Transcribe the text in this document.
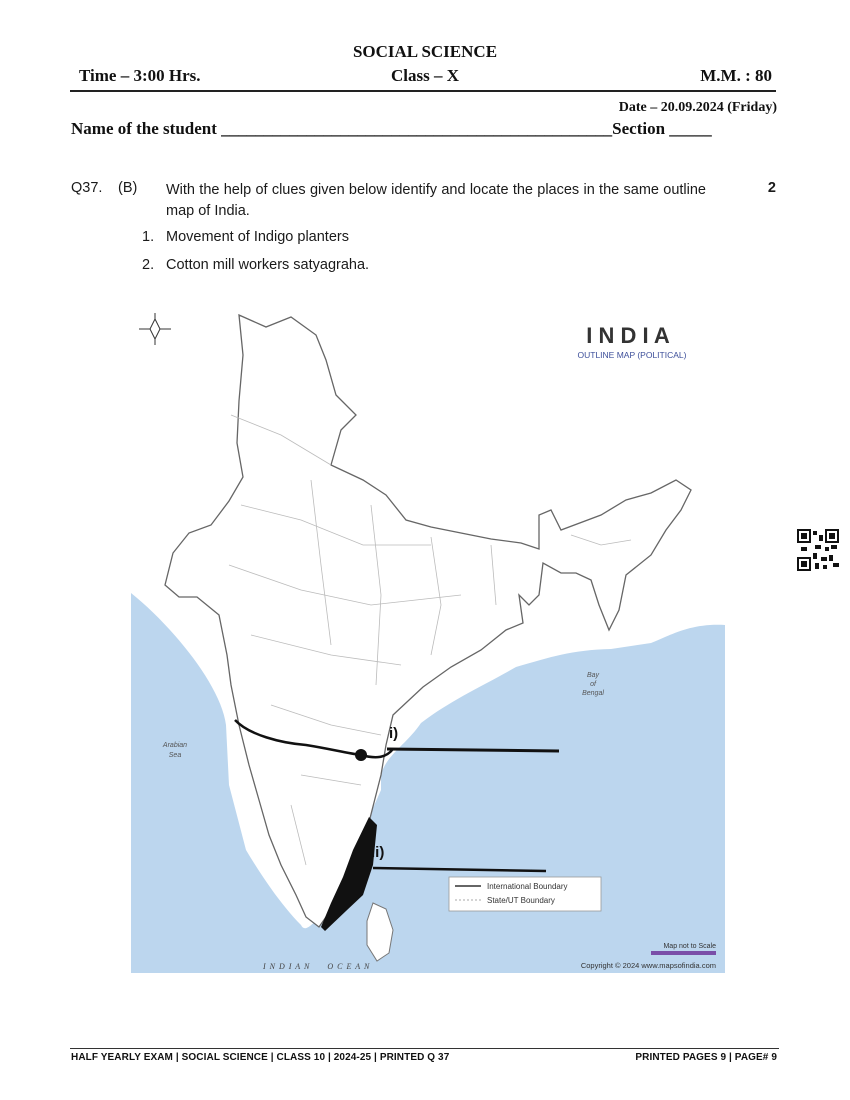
SOCIAL SCIENCE
Time – 3:00 Hrs.	Class – X	M.M. : 80
Date – 20.09.2024 (Friday)
Name of the student ______________________________________________Section _____
Q37. (B) With the help of clues given below identify and locate the places in the same outline map of India.
2
1. Movement of Indigo planters
2. Cotton mill workers satyagraha.
I N D I A
OUTLINE MAP (POLITICAL)
Bay
of
Bengal
Arabian
Sea
I  N  D  I  A  N         O  C  E  A  N
i)
ii)
International Boundary
State/UT Boundary
Map not to Scale
Copyright © 2024 www.mapsofindia.com
HALF YEARLY EXAM | SOCIAL SCIENCE | CLASS 10 | 2024-25 | PRINTED Q 37	PRINTED PAGES 9 | PAGE# 9
